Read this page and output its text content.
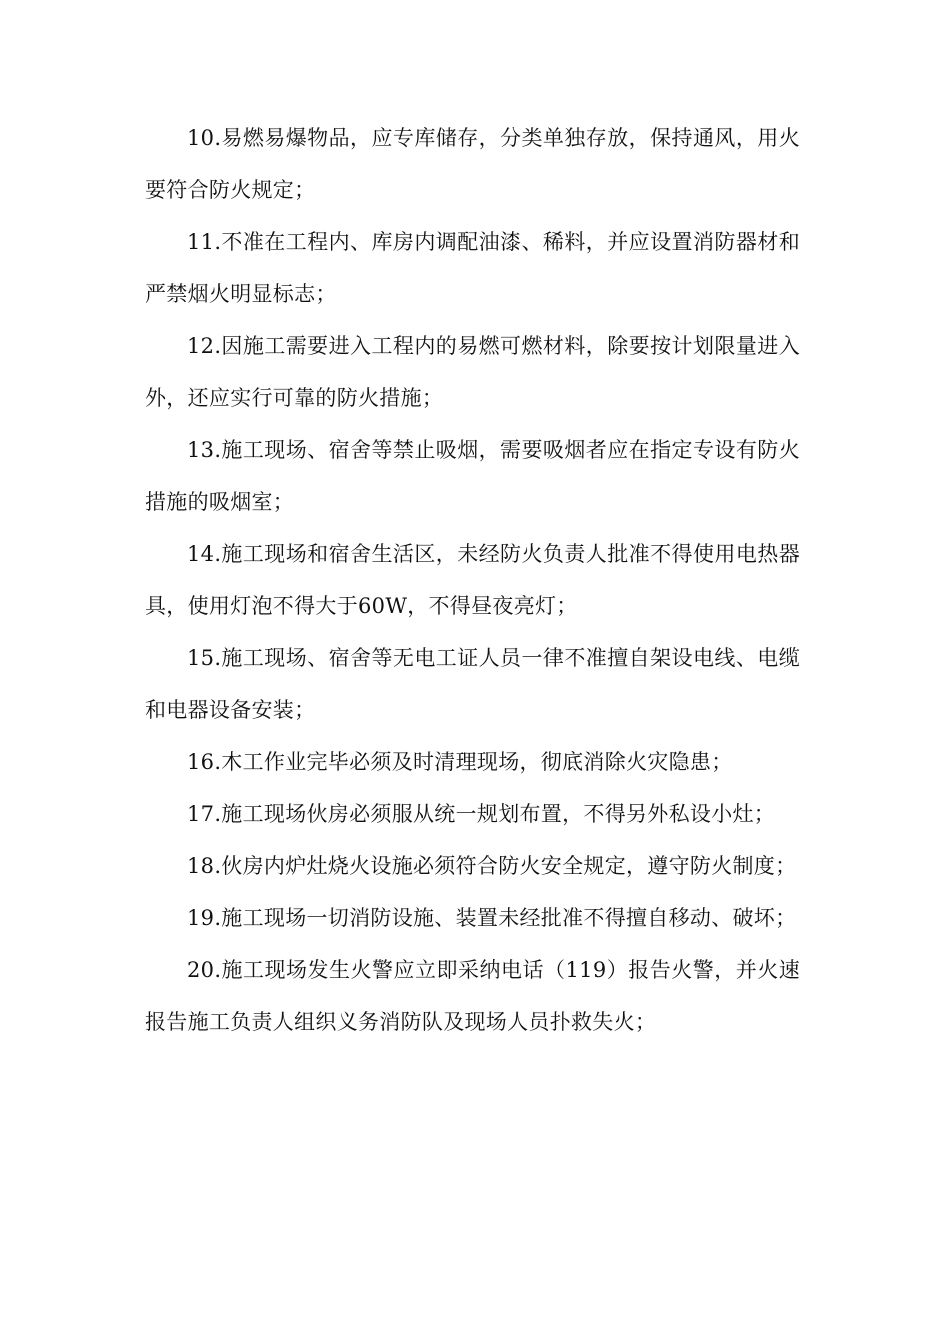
10.易燃易爆物品，应专库储存，分类单独存放，保持通风，用火要符合防火规定；

11.不准在工程内、库房内调配油漆、稀料，并应设置消防器材和严禁烟火明显标志；

12.因施工需要进入工程内的易燃可燃材料，除要按计划限量进入外，还应实行可靠的防火措施；

13.施工现场、宿舍等禁止吸烟，需要吸烟者应在指定专设有防火措施的吸烟室；

14.施工现场和宿舍生活区，未经防火负责人批准不得使用电热器具，使用灯泡不得大于60W，不得昼夜亮灯；

15.施工现场、宿舍等无电工证人员一律不准擅自架设电线、电缆和电器设备安装；

16.木工作业完毕必须及时清理现场，彻底消除火灾隐患；

17.施工现场伙房必须服从统一规划布置，不得另外私设小灶；

18.伙房内炉灶烧火设施必须符合防火安全规定，遵守防火制度；

19.施工现场一切消防设施、装置未经批准不得擅自移动、破坏；

20.施工现场发生火警应立即采纳电话（119）报告火警，并火速报告施工负责人组织义务消防队及现场人员扑救失火；
